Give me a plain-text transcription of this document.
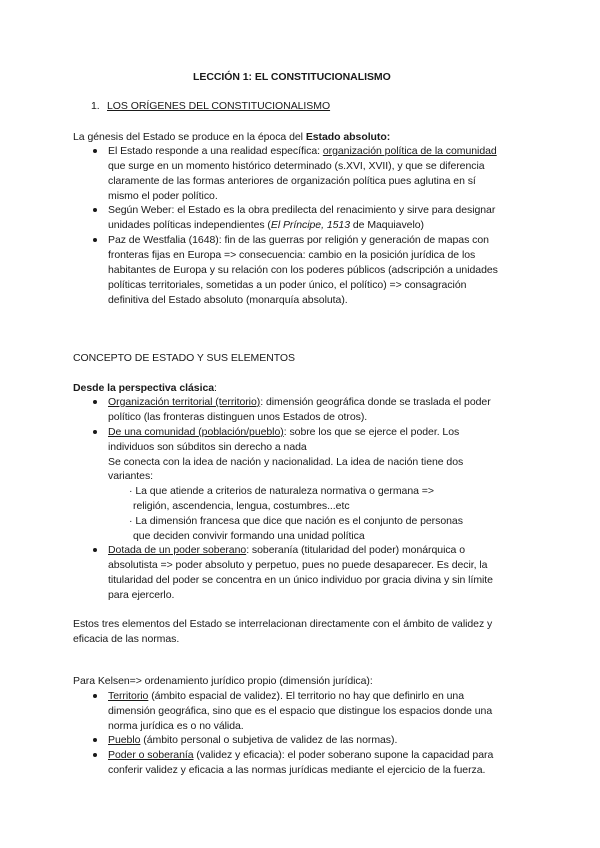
LECCIÓN 1: EL CONSTITUCIONALISMO
1. LOS ORÍGENES DEL CONSTITUCIONALISMO
La génesis del Estado se produce en la época del Estado absoluto:
El Estado responde a una realidad específica: organización política de la comunidad
que surge en un momento histórico determinado (s.XVI, XVII), y que se diferencia
claramente de las formas anteriores de organización política pues aglutina en sí
mismo el poder político.
Según Weber: el Estado es la obra predilecta del renacimiento y sirve para designar
unidades políticas independientes (El Príncipe, 1513 de Maquiavelo)
Paz de Westfalia (1648): fin de las guerras por religión y generación de mapas con
fronteras fijas en Europa => consecuencia: cambio en la posición jurídica de los
habitantes de Europa y su relación con los poderes públicos (adscripción a unidades
políticas territoriales, sometidas a un poder único, el político) => consagración
definitiva del Estado absoluto (monarquía absoluta).
CONCEPTO DE ESTADO Y SUS ELEMENTOS
Desde la perspectiva clásica:
Organización territorial (territorio): dimensión geográfica donde se traslada el poder
político (las fronteras distinguen unos Estados de otros).
De una comunidad (población/pueblo): sobre los que se ejerce el poder. Los
individuos son súbditos sin derecho a nada
Se conecta con la idea de nación y nacionalidad. La idea de nación tiene dos
variantes:
· La que atiende a criterios de naturaleza normativa o germana =>
religión, ascendencia, lengua, costumbres...etc
· La dimensión francesa que dice que nación es el conjunto de personas
que deciden convivir formando una unidad política
Dotada de un poder soberano: soberanía (titularidad del poder) monárquica o
absolutista => poder absoluto y perpetuo, pues no puede desaparecer. Es decir, la
titularidad del poder se concentra en un único individuo por gracia divina y sin límite
para ejercerlo.
Estos tres elementos del Estado se interrelacionan directamente con el ámbito de validez y
eficacia de las normas.
Para Kelsen=> ordenamiento jurídico propio (dimensión jurídica):
Territorio (ámbito espacial de validez). El territorio no hay que definirlo en una
dimensión geográfica, sino que es el espacio que distingue los espacios donde una
norma jurídica es o no válida.
Pueblo (ámbito personal o subjetiva de validez de las normas).
Poder o soberanía (validez y eficacia): el poder soberano supone la capacidad para
conferir validez y eficacia a las normas jurídicas mediante el ejercicio de la fuerza.
